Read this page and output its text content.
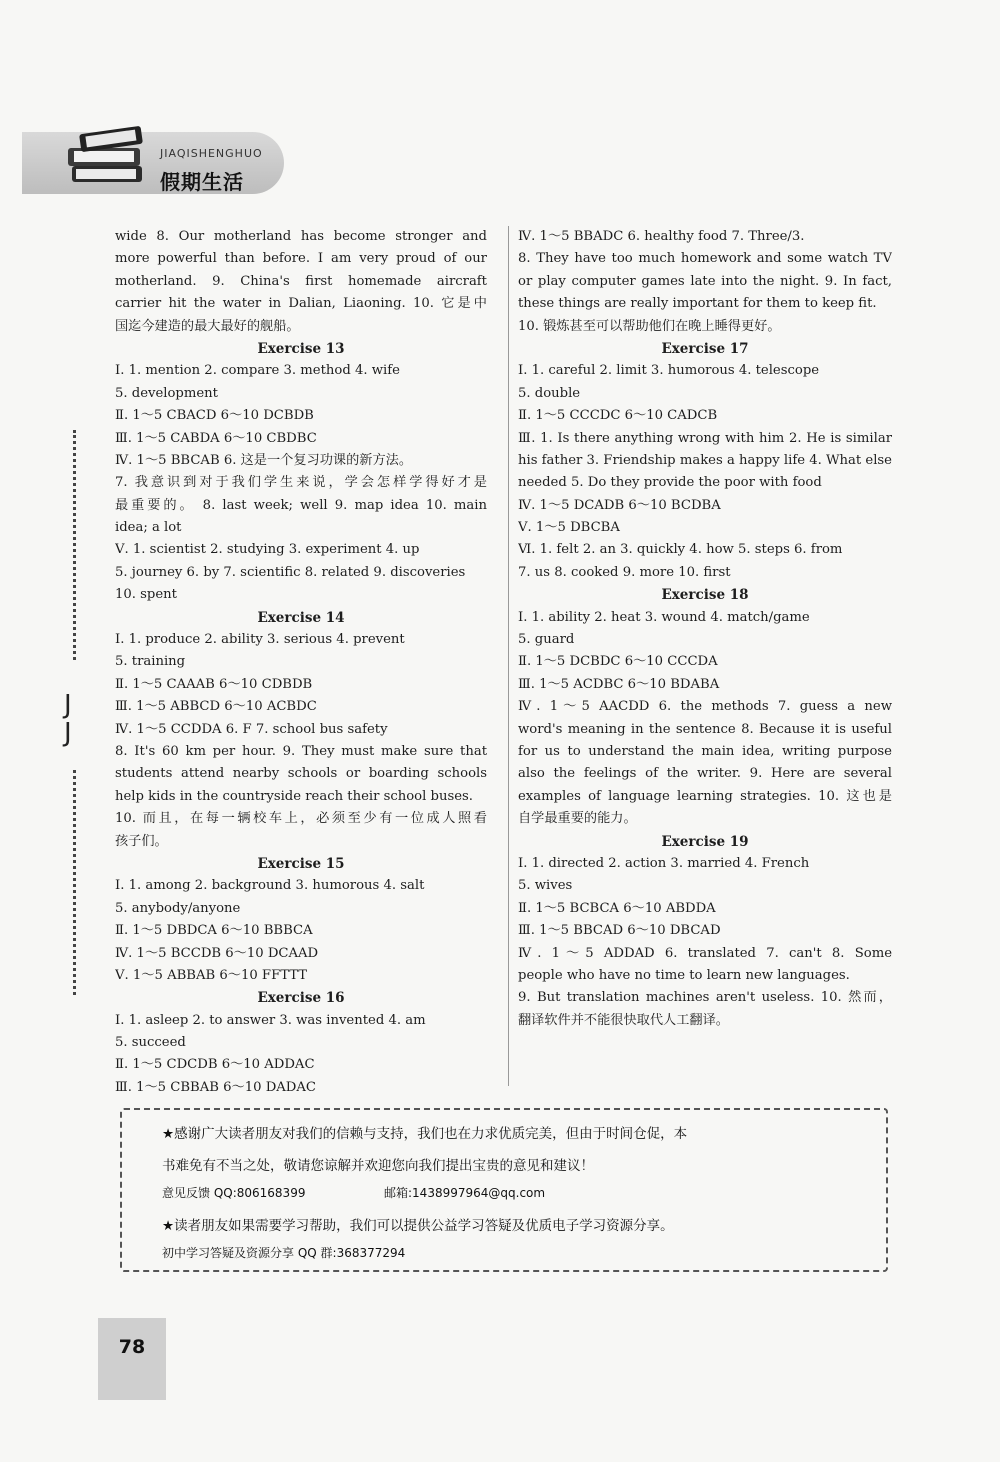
JIAQISHENGHUO
假期生活
wide 8. Our motherland has become stronger and
more powerful than before. I am very proud of our
motherland. 9. China's first homemade aircraft
carrier hit the water in Dalian, Liaoning. 10. 它是中
国迄今建造的最大最好的舰船。
Exercise 13
Ⅰ. 1. mention 2. compare 3. method 4. wife
5. development
Ⅱ. 1～5 CBACD 6～10 DCBDB
Ⅲ. 1～5 CABDA 6～10 CBDBC
Ⅳ. 1～5 BBCAB 6. 这是一个复习功课的新方法。
7. 我意识到对于我们学生来说，学会怎样学得好才是
最重要的。 8. last week; well 9. map idea 10. main
idea; a lot
Ⅴ. 1. scientist 2. studying 3. experiment 4. up
5. journey 6. by 7. scientific 8. related 9. discoveries
10. spent
Exercise 14
Ⅰ. 1. produce 2. ability 3. serious 4. prevent
5. training
Ⅱ. 1～5 CAAAB 6～10 CDBDB
Ⅲ. 1～5 ABBCD 6～10 ACBDC
Ⅳ. 1～5 CCDDA 6. F 7. school bus safety
8. It's 60 km per hour. 9. They must make sure that
students attend nearby schools or boarding schools
help kids in the countryside reach their school buses.
10. 而且，在每一辆校车上，必须至少有一位成人照看
孩子们。
Exercise 15
Ⅰ. 1. among 2. background 3. humorous 4. salt
5. anybody/anyone
Ⅱ. 1～5 DBDCA 6～10 BBBCA
Ⅳ. 1～5 BCCDB 6～10 DCAAD
Ⅴ. 1～5 ABBAB 6～10 FFTTT
Exercise 16
Ⅰ. 1. asleep 2. to answer 3. was invented 4. am
5. succeed
Ⅱ. 1～5 CDCDB 6～10 ADDAC
Ⅲ. 1～5 CBBAB 6～10 DADAC
Ⅳ. 1～5 BBADC 6. healthy food 7. Three/3.
8. They have too much homework and some watch TV
or play computer games late into the night. 9. In fact,
these things are really important for them to keep fit.
10. 锻炼甚至可以帮助他们在晚上睡得更好。
Exercise 17
Ⅰ. 1. careful 2. limit 3. humorous 4. telescope
5. double
Ⅱ. 1～5 CCCDC 6～10 CADCB
Ⅲ. 1. Is there anything wrong with him 2. He is similar
his father 3. Friendship makes a happy life 4. What else
needed 5. Do they provide the poor with food
Ⅳ. 1～5 DCADB 6～10 BCDBA
Ⅴ. 1～5 DBCBA
Ⅵ. 1. felt 2. an 3. quickly 4. how 5. steps 6. from
7. us 8. cooked 9. more 10. first
Exercise 18
Ⅰ. 1. ability 2. heat 3. wound 4. match/game
5. guard
Ⅱ. 1～5 DCBDC 6～10 CCCDA
Ⅲ. 1～5 ACDBC 6～10 BDABA
Ⅳ. 1～5 AACDD 6. the methods 7. guess a new
word's meaning in the sentence 8. Because it is useful
for us to understand the main idea, writing purpose
also the feelings of the writer. 9. Here are several
examples of language learning strategies. 10. 这也是
自学最重要的能力。
Exercise 19
Ⅰ. 1. directed 2. action 3. married 4. French
5. wives
Ⅱ. 1～5 BCBCA 6～10 ABDDA
Ⅲ. 1～5 BBCAD 6～10 DBCAD
Ⅳ. 1～5 ADDAD 6. translated 7. can't 8. Some
people who have no time to learn new languages.
9. But translation machines aren't useless. 10. 然而，
翻译软件并不能很快取代人工翻译。
J
J
★感谢广大读者朋友对我们的信赖与支持，我们也在力求优质完美，但由于时间仓促，本
书难免有不当之处，敬请您谅解并欢迎您向我们提出宝贵的意见和建议！
意见反馈 QQ:806168399	邮箱:1438997964@qq.com
★读者朋友如果需要学习帮助，我们可以提供公益学习答疑及优质电子学习资源分享。
初中学习答疑及资源分享 QQ 群:368377294
78
